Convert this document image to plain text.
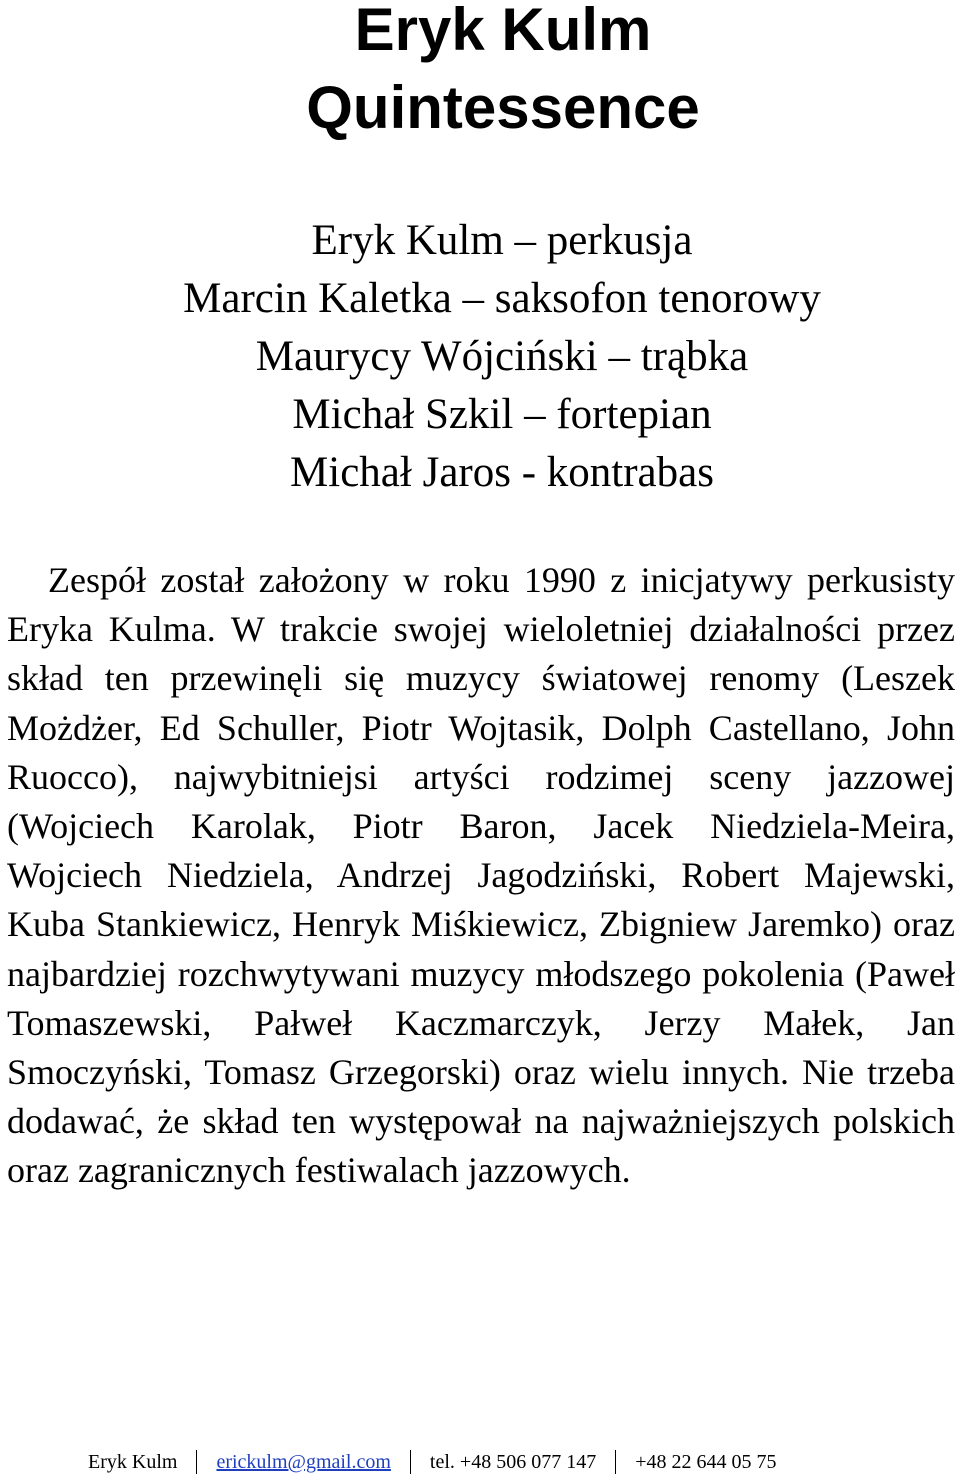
Eryk Kulm
Quintessence
Eryk Kulm – perkusja
Marcin Kaletka – saksofon tenorowy
Maurycy Wójciński – trąbka
Michał Szkil – fortepian
Michał Jaros - kontrabas

Zespół został założony w roku 1990 z inicjatywy perkusisty Eryka Kulma. W trakcie swojej wieloletniej działalności przez skład ten przewinęli się muzycy światowej renomy (Leszek Możdżer, Ed Schuller, Piotr Wojtasik, Dolph Castellano, John Ruocco), najwybitniejsi artyści rodzimej sceny jazzowej (Wojciech Karolak, Piotr Baron, Jacek Niedziela-Meira, Wojciech Niedziela, Andrzej Jagodziński, Robert Majewski, Kuba Stankiewicz, Henryk Miśkiewicz, Zbigniew Jaremko) oraz najbardziej rozchwytywani muzycy młodszego pokolenia (Paweł Tomaszewski, Pałweł Kaczmarczyk, Jerzy Małek, Jan Smoczyński, Tomasz Grzegorski) oraz wielu innych. Nie trzeba dodawać, że skład ten występował na najważniejszych polskich oraz zagranicznych festiwalach jazzowych.

Eryk Kulm erickulm@gmail.com tel. +48 506 077 147 +48 22 644 05 75
